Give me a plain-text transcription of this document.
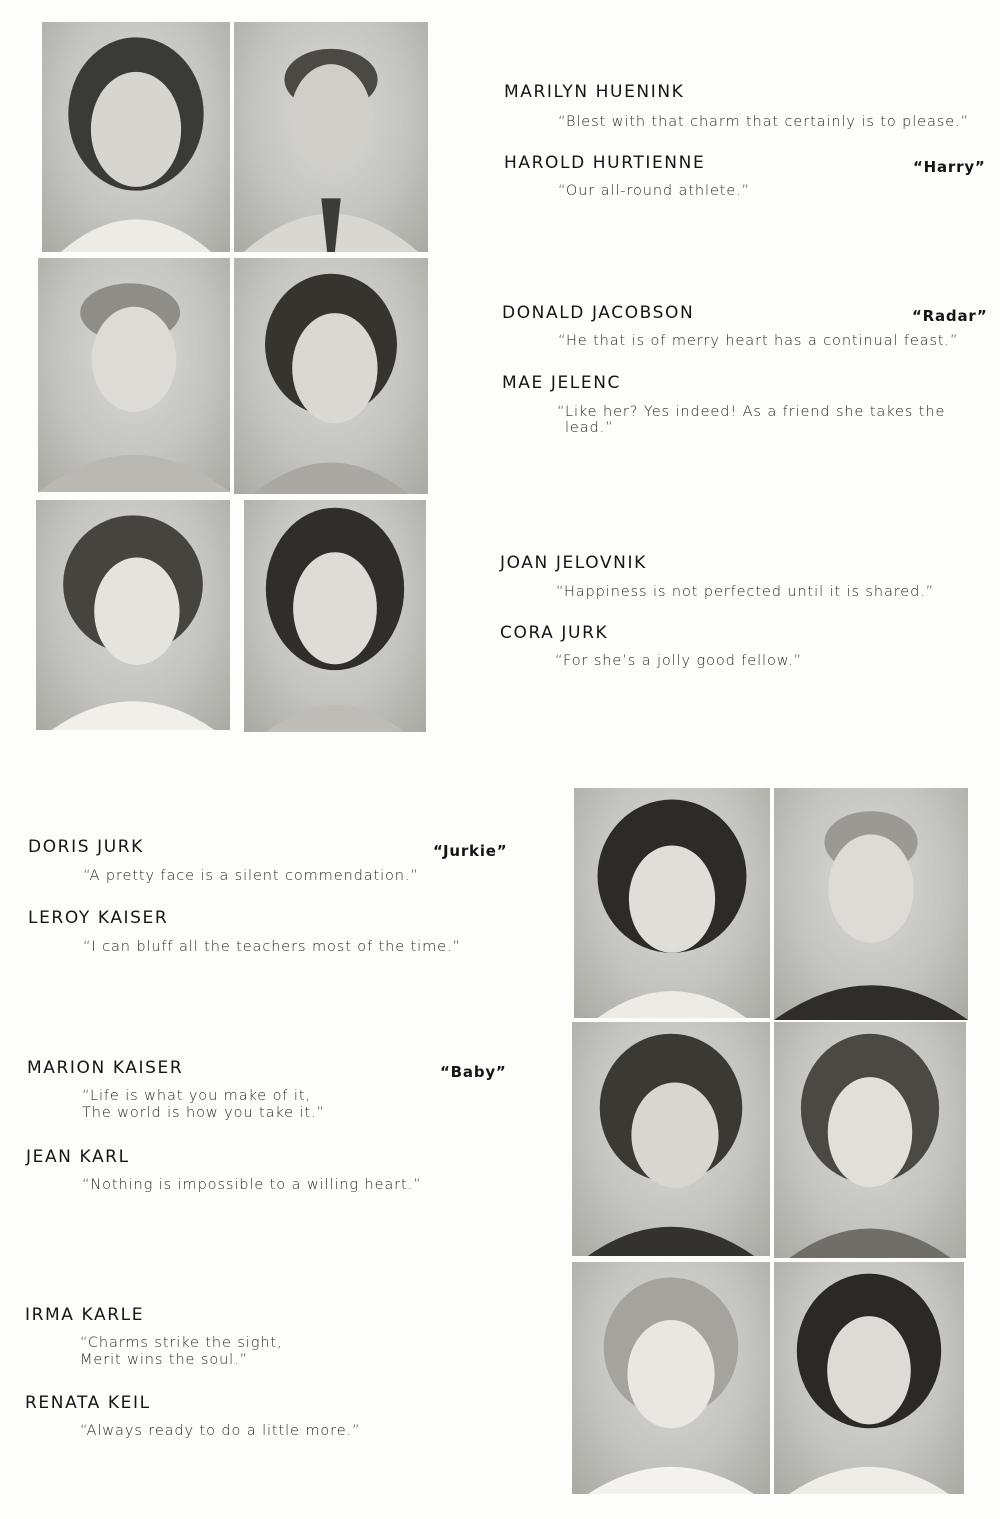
MARILYN HUENINK
“Blest with that charm that certainly is to please.”
HAROLD HURTIENNE	“Harry”
“Our all-round athlete.”
DONALD JACOBSON	“Radar”
“He that is of merry heart has a continual feast.”
MAE JELENC
“Like her? Yes indeed! As a friend she takes the
lead.”
JOAN JELOVNIK
“Happiness is not perfected until it is shared.”
CORA JURK
“For she’s a jolly good fellow.”
DORIS JURK	“Jurkie”
“A pretty face is a silent commendation.”
LEROY KAISER
“I can bluff all the teachers most of the time.”
MARION KAISER	“Baby”
“Life is what you make of it,
The world is how you take it.”
JEAN KARL
“Nothing is impossible to a willing heart.”
IRMA KARLE
“Charms strike the sight,
Merit wins the soul.”
RENATA KEIL
“Always ready to do a little more.”
